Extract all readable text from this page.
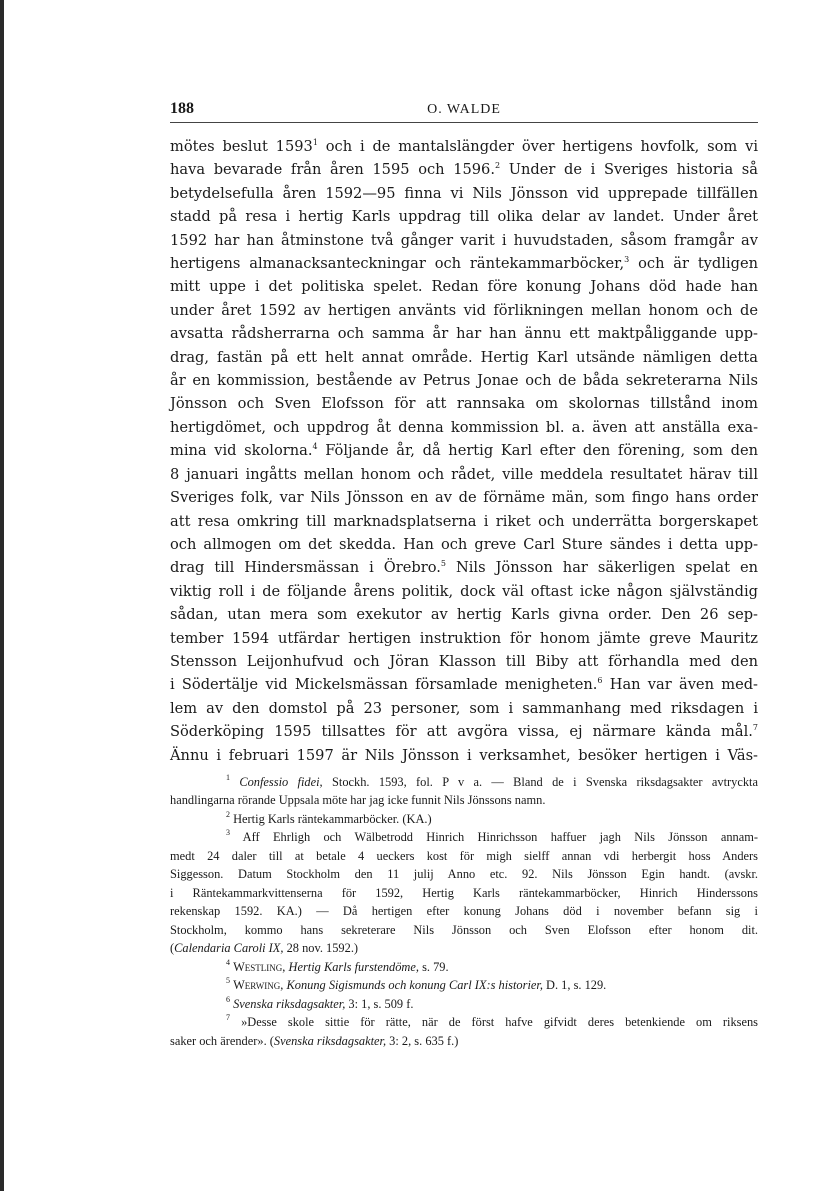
188	O. WALDE
mötes beslut 1593$^1$ och i de mantalslängder över hertigens hovfolk, som vi
hava bevarade från åren 1595 och 1596.$^2$ Under de i Sveriges historia så
betydelsefulla åren 1592—95 finna vi Nils Jönsson vid upprepade tillfällen
stadd på resa i hertig Karls uppdrag till olika delar av landet. Under året
1592 har han åtminstone två gånger varit i huvudstaden, såsom framgår av
hertigens almanacksanteckningar och räntekammarböcker,$^3$ och är tydligen
mitt uppe i det politiska spelet. Redan före konung Johans död hade han
under året 1592 av hertigen använts vid förlikningen mellan honom och de
avsatta rådsherrarna och samma år har han ännu ett maktpåliggande upp-
drag, fastän på ett helt annat område. Hertig Karl utsände nämligen detta
år en kommission, bestående av Petrus Jonae och de båda sekreterarna Nils
Jönsson och Sven Elofsson för att rannsaka om skolornas tillstånd inom
hertigdömet, och uppdrog åt denna kommission bl. a. även att anställa exa-
mina vid skolorna.$^4$ Följande år, då hertig Karl efter den förening, som den
8 januari ingåtts mellan honom och rådet, ville meddela resultatet härav till
Sveriges folk, var Nils Jönsson en av de förnäme män, som fingo hans order
att resa omkring till marknadsplatserna i riket och underrätta borgerskapet
och allmogen om det skedda. Han och greve Carl Sture sändes i detta upp-
drag till Hindersmässan i Örebro.$^5$ Nils Jönsson har säkerligen spelat en
viktig roll i de följande årens politik, dock väl oftast icke någon självständig
sådan, utan mera som exekutor av hertig Karls givna order. Den 26 sep-
tember 1594 utfärdar hertigen instruktion för honom jämte greve Mauritz
Stensson Leijonhufvud och Jöran Klasson till Biby att förhandla med den
i Södertälje vid Mickelsmässan församlade menigheten.$^6$ Han var även med-
lem av den domstol på 23 personer, som i sammanhang med riksdagen i
Söderköping 1595 tillsattes för att avgöra vissa, ej närmare kända mål.$^7$
Ännu i februari 1597 är Nils Jönsson i verksamhet, besöker hertigen i Väs-
$^1$ Confessio fidei, Stockh. 1593, fol. P v a. — Bland de i Svenska riksdagsakter avtryckta
handlingarna rörande Uppsala möte har jag icke funnit Nils Jönssons namn.
$^2$ Hertig Karls räntekammarböcker. (KA.)
$^3$ Aff Ehrligh och Wälbetrodd Hinrich Hinrichsson haffuer jagh Nils Jönsson annam-
medt 24 daler till at betale 4 ueckers kost för migh sielff annan vdi herbergit hoss Anders
Siggesson. Datum Stockholm den 11 julij Anno etc. 92. Nils Jönsson Egin handt. (avskr.
i Räntekammarkvittenserna för 1592, Hertig Karls räntekammarböcker, Hinrich Hinderssons
rekenskap 1592. KA.) — Då hertigen efter konung Johans död i november befann sig i
Stockholm, kommo hans sekreterare Nils Jönsson och Sven Elofsson efter honom dit.
(Calendaria Caroli IX, 28 nov. 1592.)
$^4$ Westling, Hertig Karls furstendöme, s. 79.
$^5$ Werwing, Konung Sigismunds och konung Carl IX:s historier, D. 1, s. 129.
$^6$ Svenska riksdagsakter, 3: 1, s. 509 f.
$^7$ »Desse skole sittie för rätte, när de först hafve gifvidt deres betenkiende om riksens
saker och ärender». (Svenska riksdagsakter, 3: 2, s. 635 f.)
